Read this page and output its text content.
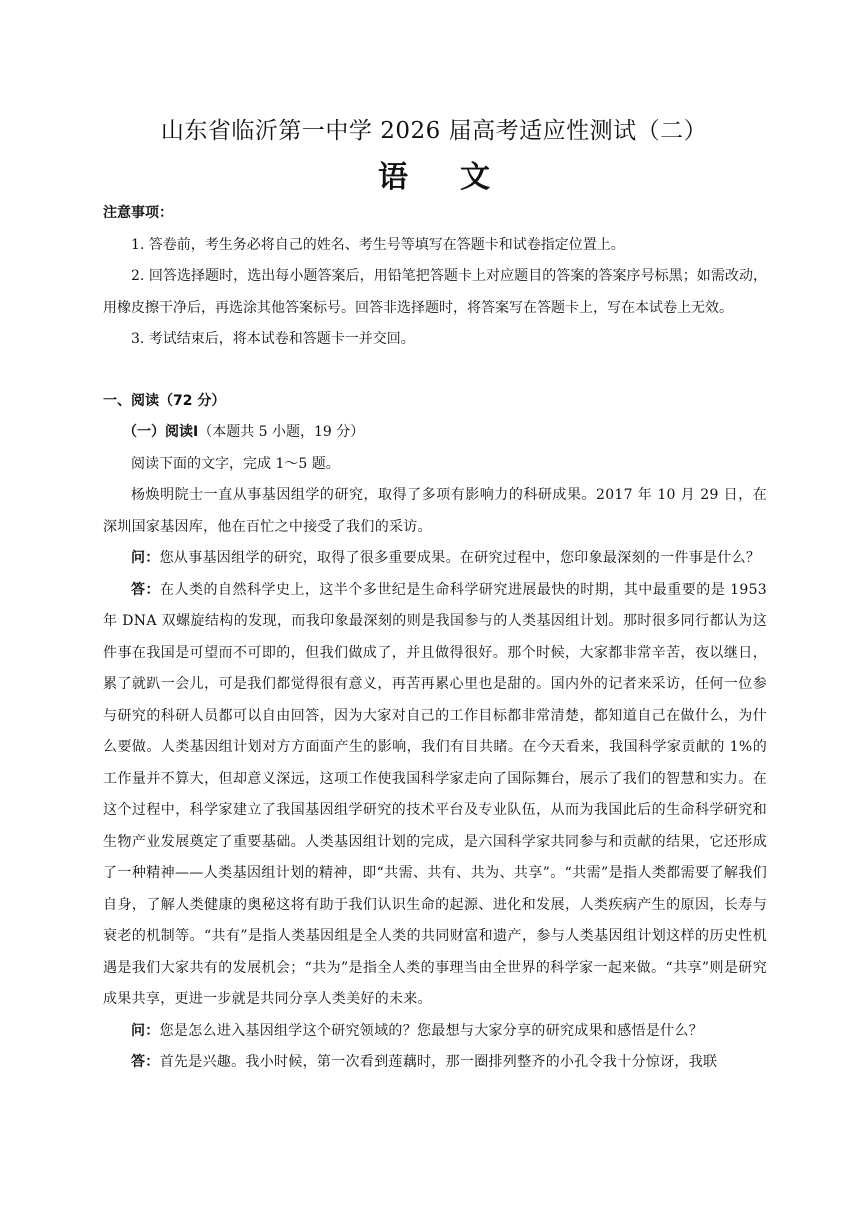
山东省临沂第一中学 2026 届高考适应性测试（二）
语文

注意事项：

1. 答卷前，考生务必将自己的姓名、考生号等填写在答题卡和试卷指定位置上。

2. 回答选择题时，选出每小题答案后，用铅笔把答题卡上对应题目的答案的答案序号标黑；如需改动，用橡皮擦干净后，再选涂其他答案标号。回答非选择题时，将答案写在答题卡上，写在本试卷上无效。

3. 考试结束后，将本试卷和答题卡一并交回。

一、阅读（72 分）

（一）阅读Ⅰ（本题共 5 小题，19 分）

阅读下面的文字，完成 1～5 题。

杨焕明院士一直从事基因组学的研究，取得了多项有影响力的科研成果。2017 年 10 月 29 日，在深圳国家基因库，他在百忙之中接受了我们的采访。

问：您从事基因组学的研究，取得了很多重要成果。在研究过程中，您印象最深刻的一件事是什么？

答：在人类的自然科学史上，这半个多世纪是生命科学研究进展最快的时期，其中最重要的是 1953 年 DNA 双螺旋结构的发现，而我印象最深刻的则是我国参与的人类基因组计划。那时很多同行都认为这件事在我国是可望而不可即的，但我们做成了，并且做得很好。那个时候，大家都非常辛苦，夜以继日，累了就趴一会儿，可是我们都觉得很有意义，再苦再累心里也是甜的。国内外的记者来采访，任何一位参与研究的科研人员都可以自由回答，因为大家对自己的工作目标都非常清楚，都知道自己在做什么，为什么要做。人类基因组计划对方方面面产生的影响，我们有目共睹。在今天看来，我国科学家贡献的 1%的工作量并不算大，但却意义深远，这项工作使我国科学家走向了国际舞台，展示了我们的智慧和实力。在这个过程中，科学家建立了我国基因组学研究的技术平台及专业队伍，从而为我国此后的生命科学研究和生物产业发展奠定了重要基础。人类基因组计划的完成，是六国科学家共同参与和贡献的结果，它还形成了一种精神——人类基因组计划的精神，即“共需、共有、共为、共享”。“共需”是指人类都需要了解我们自身，了解人类健康的奥秘这将有助于我们认识生命的起源、进化和发展，人类疾病产生的原因，长寿与衰老的机制等。“共有”是指人类基因组是全人类的共同财富和遗产，参与人类基因组计划这样的历史性机遇是我们大家共有的发展机会；“共为”是指全人类的事理当由全世界的科学家一起来做。“共享”则是研究成果共享，更进一步就是共同分享人类美好的未来。

问：您是怎么进入基因组学这个研究领域的？您最想与大家分享的研究成果和感悟是什么？

答：首先是兴趣。我小时候，第一次看到莲藕时，那一圈排列整齐的小孔令我十分惊讶，我联
